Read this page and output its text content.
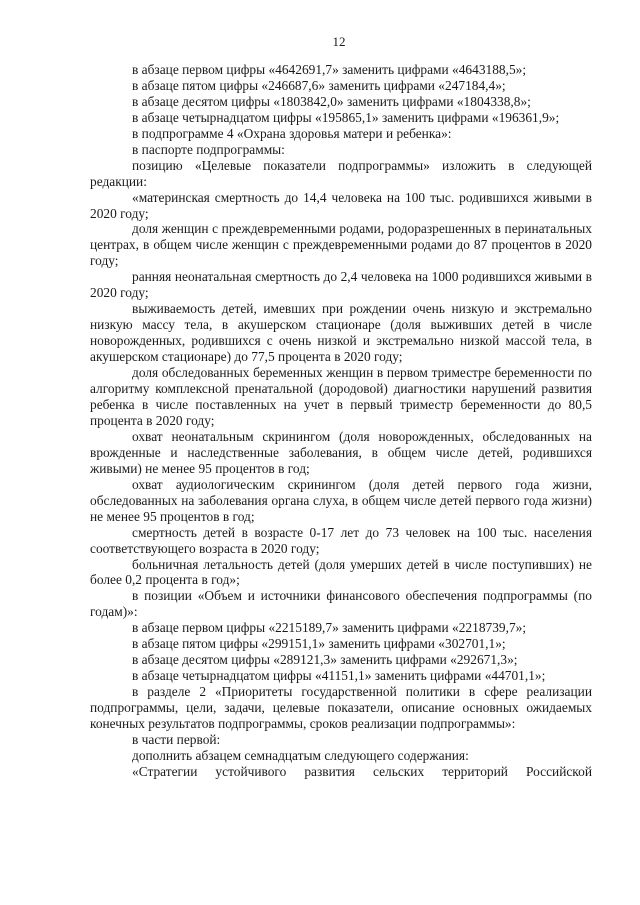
12

в абзаце первом цифры «4642691,7» заменить цифрами «4643188,5»;

в абзаце пятом цифры «246687,6» заменить цифрами «247184,4»;

в абзаце десятом цифры «1803842,0» заменить цифрами «1804338,8»;

в абзаце четырнадцатом цифры «195865,1» заменить цифрами «196361,9»;

в подпрограмме 4 «Охрана здоровья матери и ребенка»:

в паспорте подпрограммы:

позицию «Целевые показатели подпрограммы» изложить в следующей редакции:

«материнская смертность до 14,4 человека на 100 тыс. родившихся живыми в 2020 году;

доля женщин с преждевременными родами, родоразрешенных в перинатальных центрах, в общем числе женщин с преждевременными родами до 87 процентов в 2020 году;

ранняя неонатальная смертность до 2,4 человека на 1000 родившихся живыми в 2020 году;

выживаемость детей, имевших при рождении очень низкую и экстремально низкую массу тела, в акушерском стационаре (доля выживших детей в числе новорожденных, родившихся с очень низкой и экстремально низкой массой тела, в акушерском стационаре) до 77,5 процента в 2020 году;

доля обследованных беременных женщин в первом триместре беременности по алгоритму комплексной пренатальной (дородовой) диагностики нарушений развития ребенка в числе поставленных на учет в первый триместр беременности до 80,5 процента в 2020 году;

охват неонатальным скринингом (доля новорожденных, обследованных на врожденные и наследственные заболевания, в общем числе детей, родившихся живыми) не менее 95 процентов в год;

охват аудиологическим скринингом (доля детей первого года жизни, обследованных на заболевания органа слуха, в общем числе детей первого года жизни) не менее 95 процентов в год;

смертность детей в возрасте 0-17 лет до 73 человек на 100 тыс. населения соответствующего возраста в 2020 году;

больничная летальность детей (доля умерших детей в числе поступивших) не более 0,2 процента в год»;

в позиции «Объем и источники финансового обеспечения подпрограммы (по годам)»:

в абзаце первом цифры «2215189,7» заменить цифрами «2218739,7»;

в абзаце пятом цифры «299151,1» заменить цифрами «302701,1»;

в абзаце десятом цифры «289121,3» заменить цифрами «292671,3»;

в абзаце четырнадцатом цифры «41151,1» заменить цифрами «44701,1»;

в разделе 2 «Приоритеты государственной политики в сфере реализации подпрограммы, цели, задачи, целевые показатели, описание основных ожидаемых конечных результатов подпрограммы, сроков реализации подпрограммы»:

в части первой:

дополнить абзацем семнадцатым следующего содержания:

«Стратегии устойчивого развития сельских территорий Российской
